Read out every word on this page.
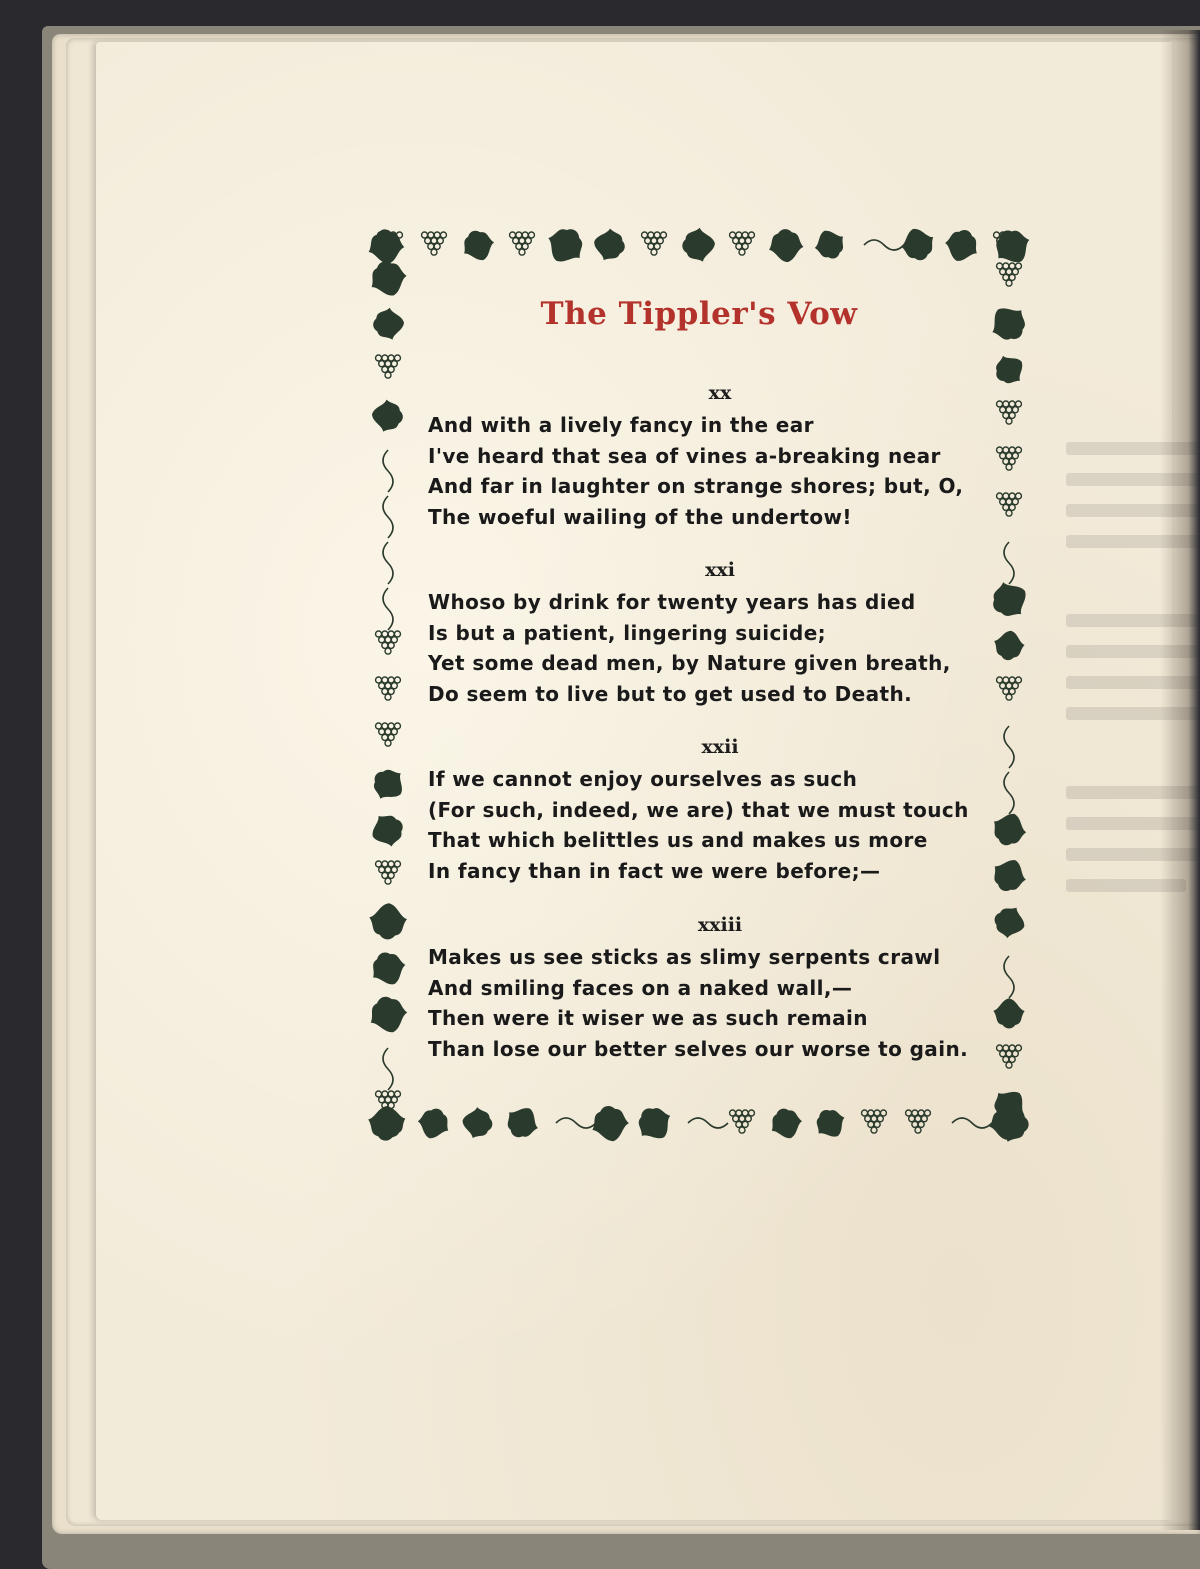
The Tippler's Vow
xx
And with a lively fancy in the ear
I've heard that sea of vines a-breaking near
And far in laughter on strange shores; but, O,
The woeful wailing of the undertow!
xxi
Whoso by drink for twenty years has died
Is but a patient, lingering suicide;
Yet some dead men, by Nature given breath,
Do seem to live but to get used to Death.
xxii
If we cannot enjoy ourselves as such
(For such, indeed, we are) that we must touch
That which belittles us and makes us more
In fancy than in fact we were before;—
xxiii
Makes us see sticks as slimy serpents crawl
And smiling faces on a naked wall,—
Then were it wiser we as such remain
Than lose our better selves our worse to gain.
